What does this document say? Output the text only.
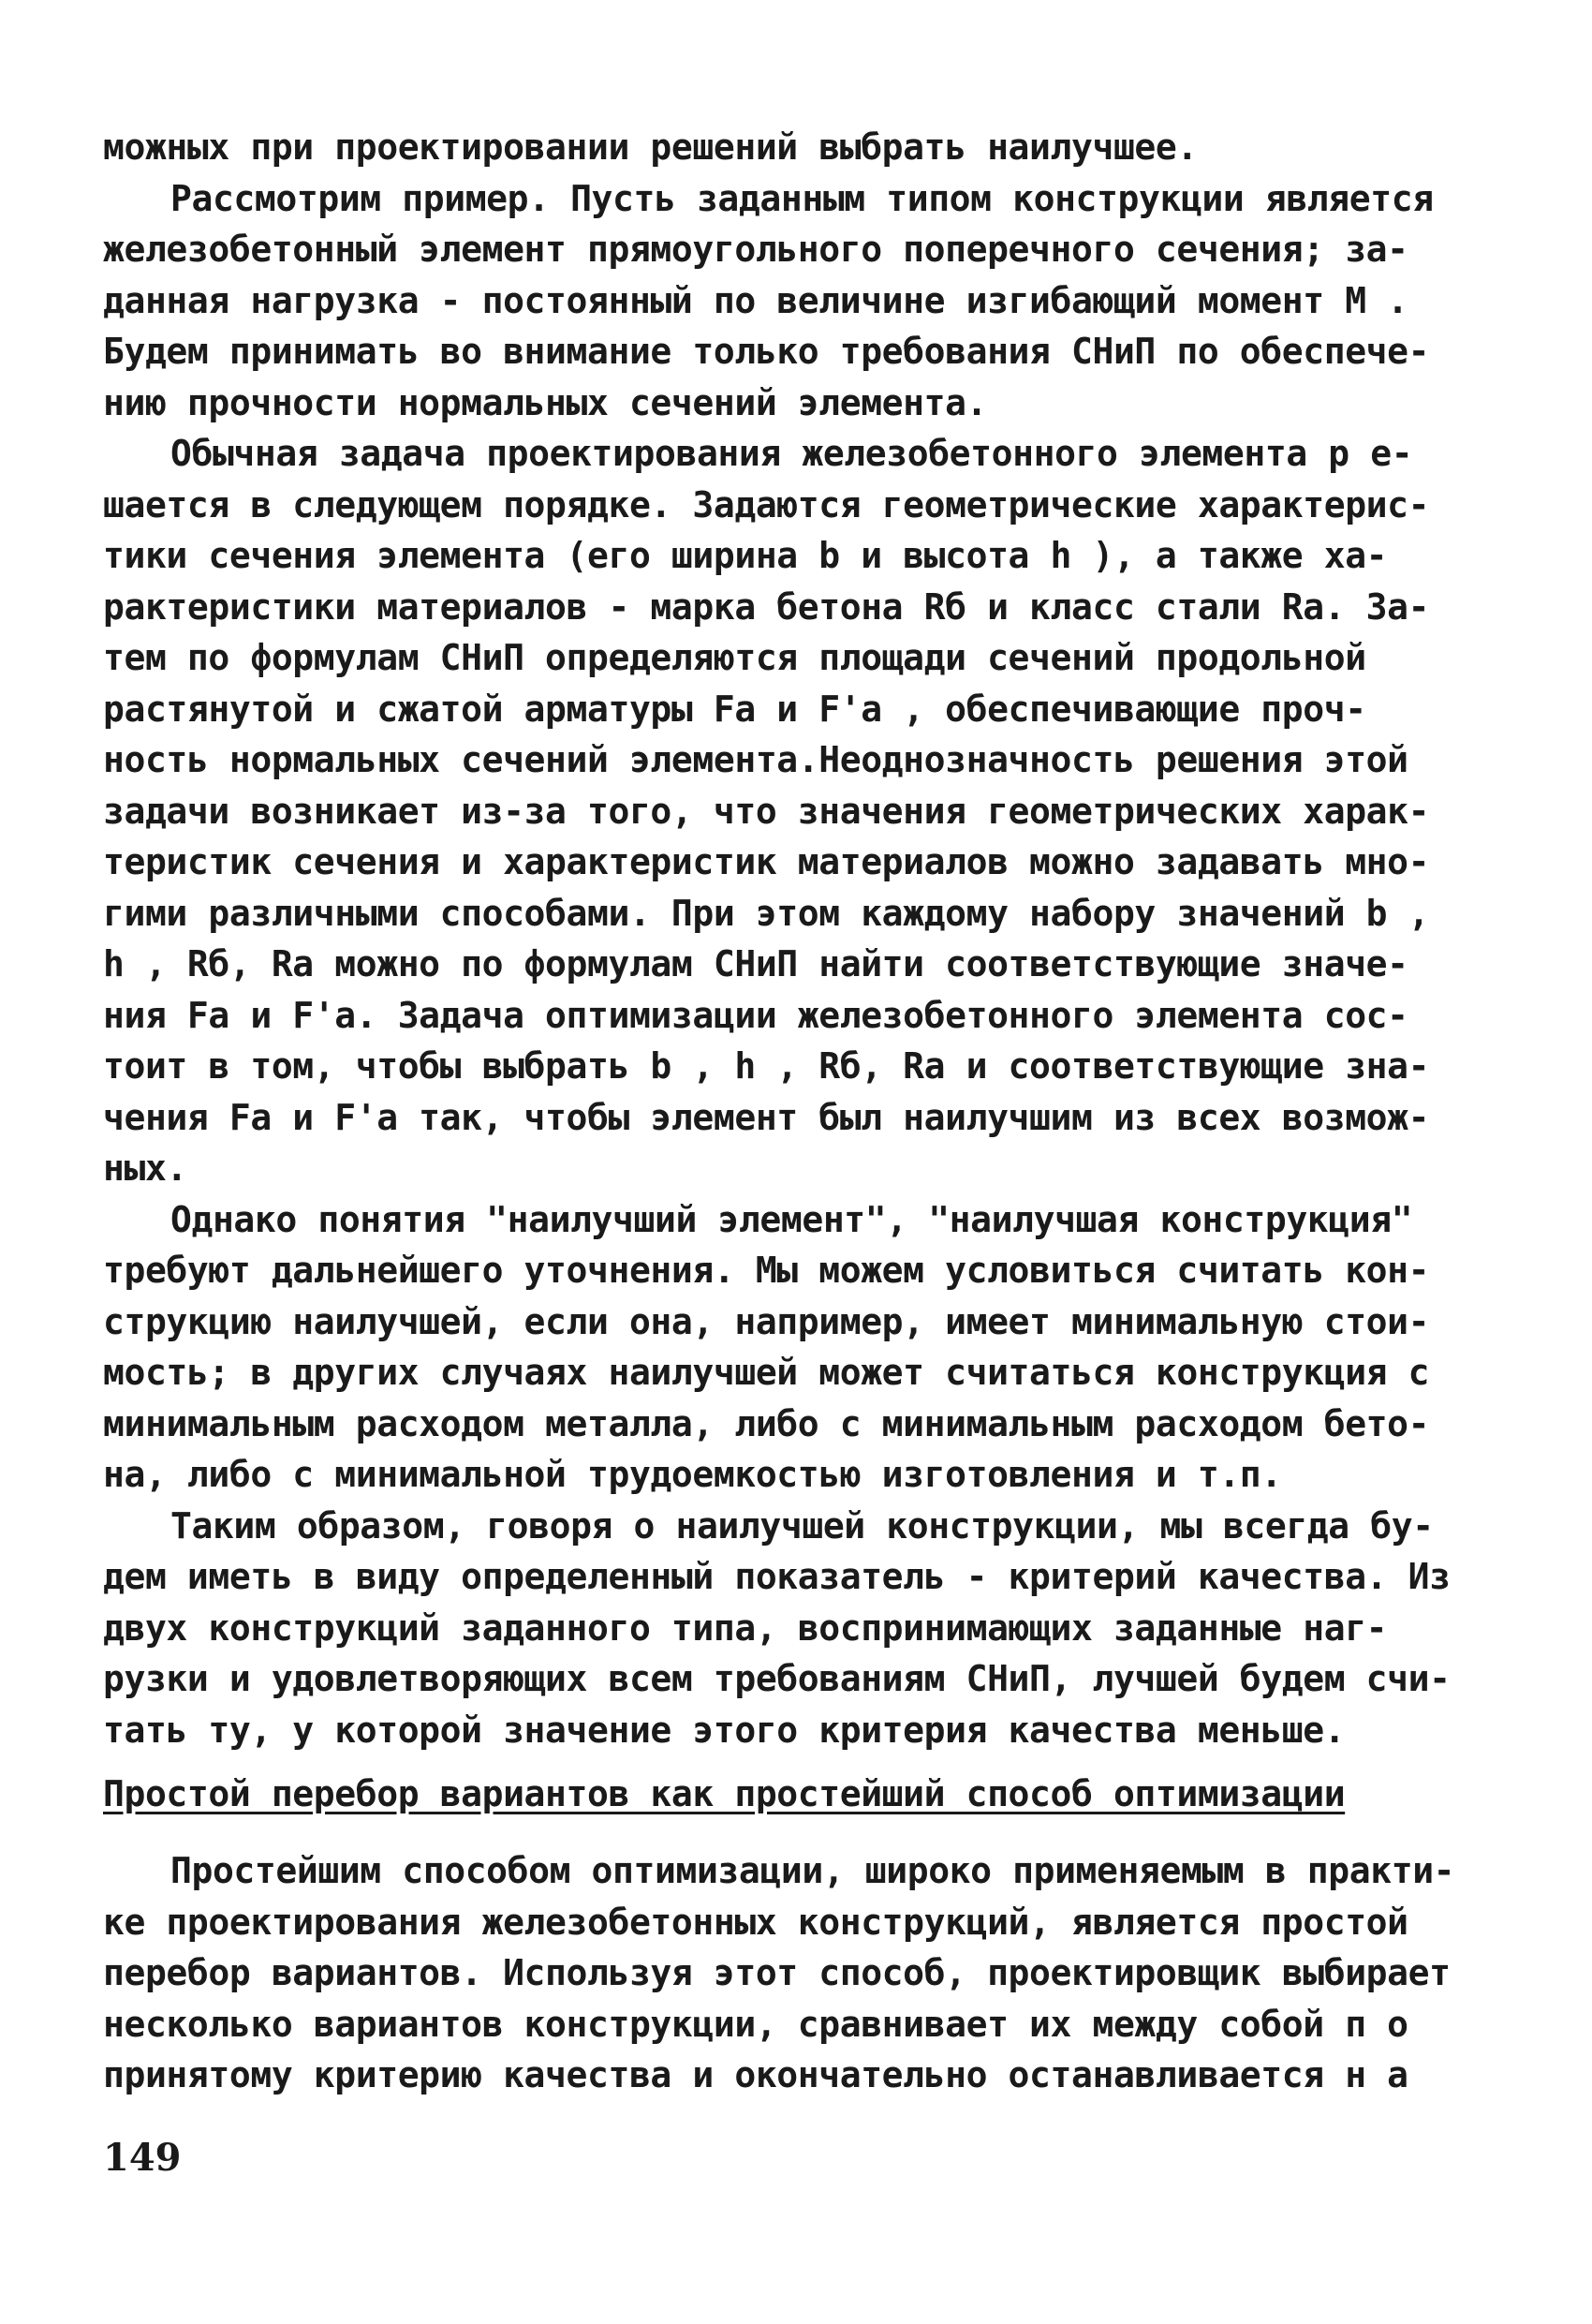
можных при проектировании решений выбрать наилучшее.
Рассмотрим пример. Пусть заданным типом конструкции является
железобетонный элемент прямоугольного поперечного сечения; за-
данная нагрузка - постоянный по величине изгибающий момент М .
Будем принимать во внимание только требования СНиП по обеспече-
нию прочности нормальных сечений элемента.
Обычная задача проектирования железобетонного элемента р е-
шается в следующем порядке. Задаются геометрические характерис-
тики сечения элемента (его ширина b и высота h ), а также ха-
рактеристики материалов - марка бетона Rб и класс стали Rа. За-
тем по формулам СНиП определяются площади сечений продольной
растянутой и сжатой арматуры Fa и F'a , обеспечивающие проч-
ность нормальных сечений элемента.Неоднозначность решения этой
задачи возникает из-за того, что значения геометрических харак-
теристик сечения и характеристик материалов можно задавать мно-
гими различными способами. При этом каждому набору значений b ,
h , Rб, Rа можно по формулам СНиП найти соответствующие значе-
ния Fа и F'а. Задача оптимизации железобетонного элемента сос-
тоит в том, чтобы выбрать b , h , Rб, Rа и соответствующие зна-
чения Fа и F'а так, чтобы элемент был наилучшим из всех возмож-
ных.
Однако понятия "наилучший элемент", "наилучшая конструкция"
требуют дальнейшего уточнения. Мы можем условиться считать кон-
струкцию наилучшей, если она, например, имеет минимальную стои-
мость; в других случаях наилучшей может считаться конструкция с
минимальным расходом металла, либо с минимальным расходом бето-
на, либо с минимальной трудоемкостью изготовления и т.п.
Таким образом, говоря о наилучшей конструкции, мы всегда бу-
дем иметь в виду определенный показатель - критерий качества. Из
двух конструкций заданного типа, воспринимающих заданные наг-
рузки и удовлетворяющих всем требованиям СНиП, лучшей будем счи-
тать ту, у которой значение этого критерия качества меньше.
Простой перебор вариантов как простейший способ оптимизации
Простейшим способом оптимизации, широко применяемым в практи-
ке проектирования железобетонных конструкций, является простой
перебор вариантов. Используя этот способ, проектировщик выбирает
несколько вариантов конструкции, сравнивает их между собой п о
принятому критерию качества и окончательно останавливается н а
149
